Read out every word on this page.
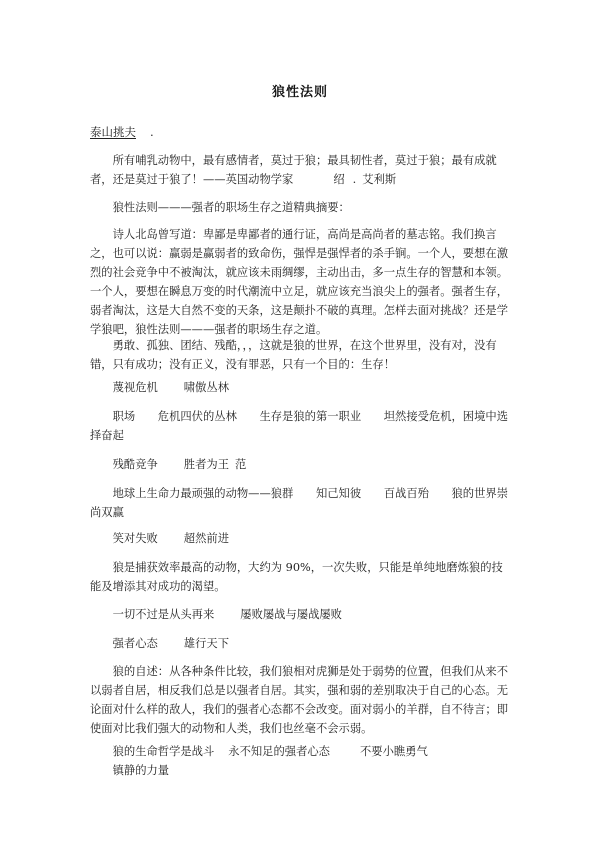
狼性法则
泰山挑夫 .

所有哺乳动物中，最有感情者，莫过于狼；最具韧性者，莫过于狼；最有成就者，还是莫过于狼了！——英国动物学家	绍 . 艾利斯

狼性法则———强者的职场生存之道精典摘要：

诗人北岛曾写道：卑鄙是卑鄙者的通行证，高尚是高尚者的墓志铭。我们换言之，也可以说：赢弱是赢弱者的致命伤，强悍是强悍者的杀手锏。一个人，要想在激烈的社会竞争中不被淘汰，就应该未雨绸缪，主动出击，多一点生存的智慧和本领。一个人，要想在瞬息万变的时代潮流中立足，就应该充当浪尖上的强者。强者生存，弱者淘汰，这是大自然不变的天条，这是颠扑不破的真理。怎样去面对挑战？还是学学狼吧，狼性法则———强者的职场生存之道。

勇敢、孤独、团结、残酷，，，这就是狼的世界，在这个世界里，没有对，没有错，只有成功；没有正义，没有罪恶，只有一个目的：生存！

蔑视危机 啸傲丛林

职场　　危机四伏的丛林　　生存是狼的第一职业　　坦然接受危机，困境中选择奋起

残酷竞争 胜者为王 范

地球上生命力最顽强的动物——狼群　　知己知彼　　百战百殆　　狼的世界崇尚双赢

笑对失败 超然前进

狼是捕获效率最高的动物，大约为 90%，一次失败，只能是单纯地磨炼狼的技能及增添其对成功的渴望。

一切不过是从头再来 屡败屡战与屡战屡败
强者心态 雄行天下

狼的自述：从各种条件比较，我们狼相对虎狮是处于弱势的位置，但我们从来不以弱者自居，相反我们总是以强者自居。其实，强和弱的差别取决于自己的心态。无论面对什么样的敌人，我们的强者心态都不会改变。面对弱小的羊群，自不待言；即使面对比我们强大的动物和人类，我们也丝毫不会示弱。

狼的生命哲学是战斗 永不知足的强者心态	不要小瞧勇气镇静的力量
